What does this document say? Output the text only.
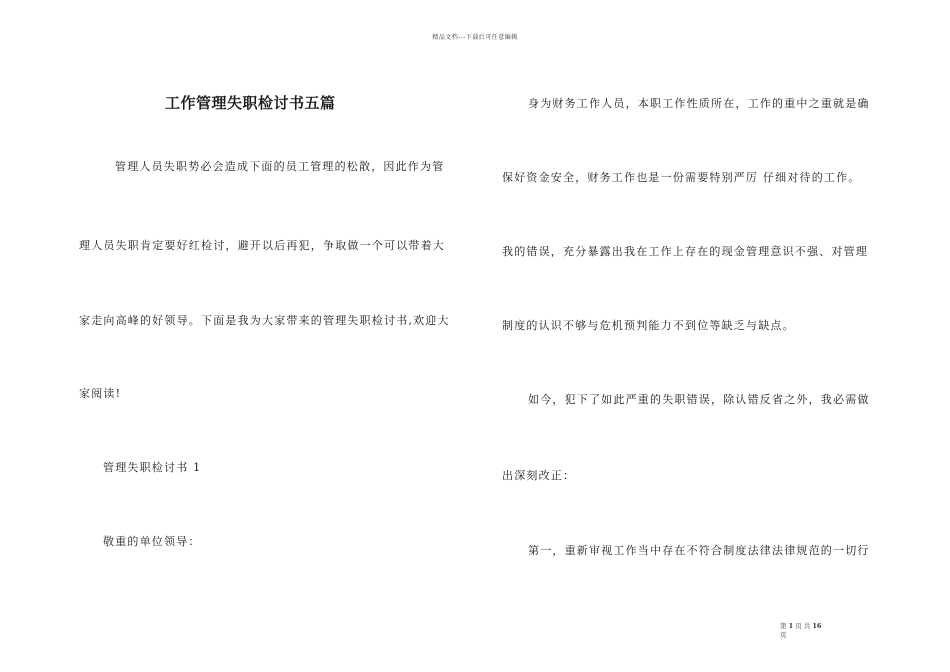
精品文档---下载后可任意编辑
工作管理失职检讨书五篇
管理人员失职势必会造成下面的员工管理的松散，因此作为管
理人员失职肯定要好红检讨，避开以后再犯，争取做一个可以带着大
家走向高峰的好领导。下面是我为大家带来的管理失职检讨书,欢迎大
家阅读!
管理失职检讨书 1
敬重的单位领导：
身为财务工作人员，本职工作性质所在，工作的重中之重就是确
保好资金安全，财务工作也是一份需要特别严厉 仔细对待的工作。
我的错误，充分暴露出我在工作上存在的现金管理意识不强、对管理
制度的认识不够与危机预判能力不到位等缺乏与缺点。
如今，犯下了如此严重的失职错误，除认错反省之外，我必需做
出深刻改正：
第一，重新审视工作当中存在不符合制度法律法律规范的一切行
第 1 页 共 16
页
